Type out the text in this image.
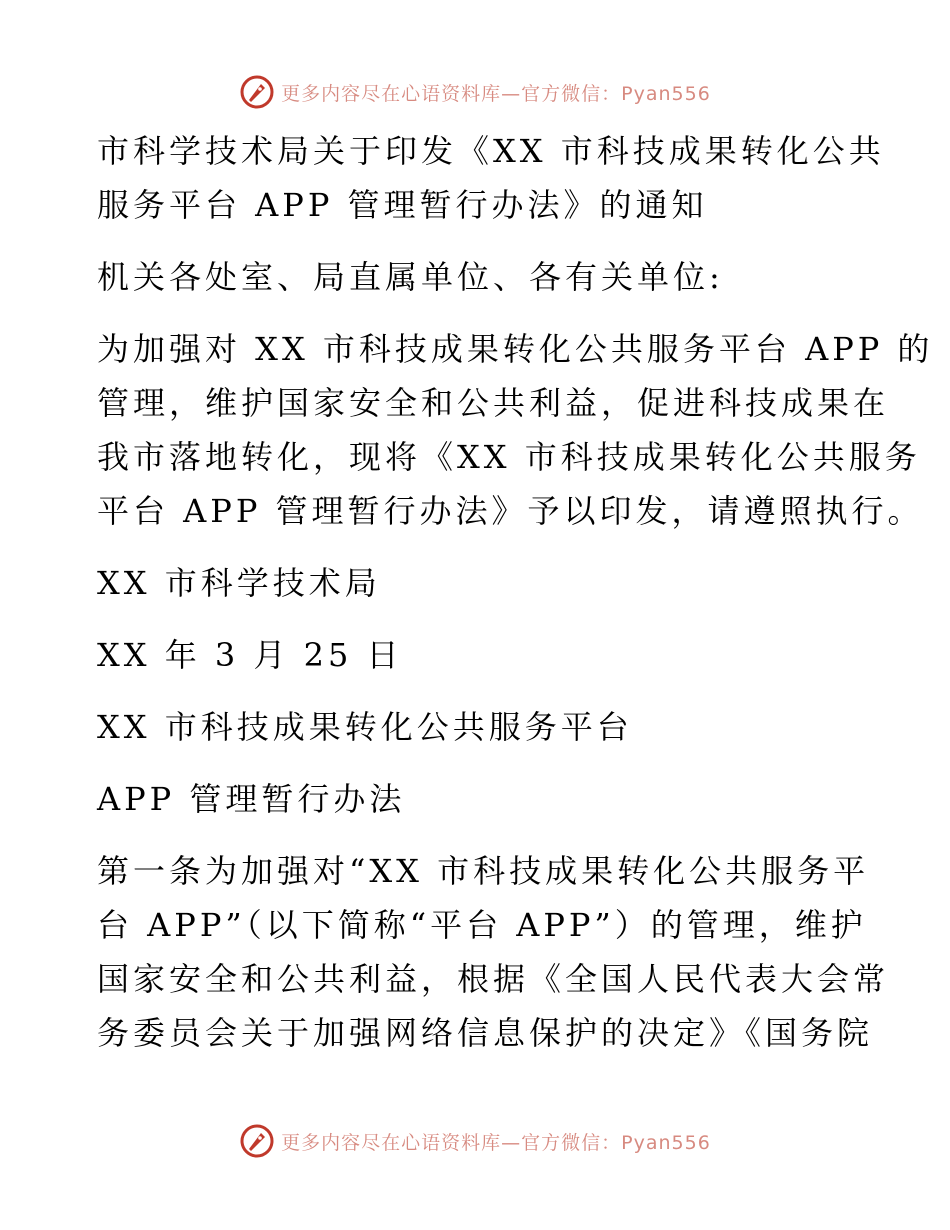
更多内容尽在心语资料库—官方微信：Pyan556
市科学技术局关于印发《XX 市科技成果转化公共
服务平台 APP 管理暂行办法》的通知
机关各处室、局直属单位、各有关单位:
为加强对 XX 市科技成果转化公共服务平台 APP 的
管理，维护国家安全和公共利益，促进科技成果在
我市落地转化，现将《XX 市科技成果转化公共服务
平台 APP 管理暂行办法》予以印发，请遵照执行。
XX 市科学技术局
XX 年 3 月 25 日
XX 市科技成果转化公共服务平台
APP 管理暂行办法
第一条为加强对“XX 市科技成果转化公共服务平
台 APP”（以下简称“平台 APP”）的管理，维护
国家安全和公共利益，根据《全国人民代表大会常
务委员会关于加强网络信息保护的决定》《国务院
更多内容尽在心语资料库—官方微信：Pyan556
